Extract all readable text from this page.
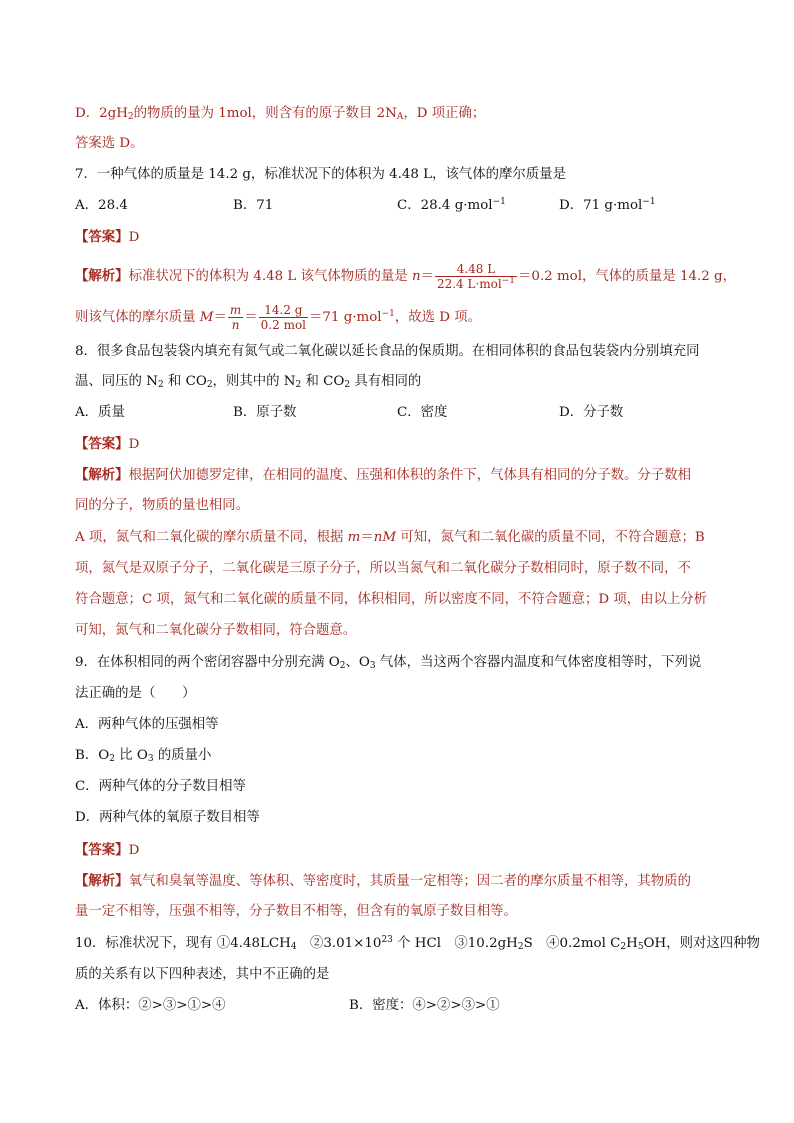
D．$2gH_2$的物质的量为 1mol，则含有的原子数目 $2N_A$，D 项正确；
答案选 D。
7．一种气体的质量是 14.2 g，标准状况下的体积为 4.48 L，该气体的摩尔质量是
A．28.4	B．71	C．28.4 g·mol$^{-1}$	D．71 g·mol$^{-1}$
【答案】D
【解析】标准状况下的体积为 4.48 L 该气体物质的量是 $n= \frac{4.48 L}{22.4 L\cdot mol^{-1}} =0.2$ mol，气体的质量是 14.2 g，
则该气体的摩尔质量 $M= \frac{m}{n} = \frac{14.2 g}{\text{0.2 mol}} =71$ g·mol$^{-1}$，故选 D 项。
8．很多食品包装袋内填充有氮气或二氧化碳以延长食品的保质期。在相同体积的食品包装袋内分别填充同
温、同压的 $N_2$ 和 $CO_2$，则其中的 $N_2$ 和 $CO_2$ 具有相同的
A．质量	B．原子数	C．密度	D．分子数
【答案】D
【解析】根据阿伏加德罗定律，在相同的温度、压强和体积的条件下，气体具有相同的分子数。分子数相
同的分子，物质的量也相同。
A 项，氮气和二氧化碳的摩尔质量不同，根据 m＝nM 可知，氮气和二氧化碳的质量不同，不符合题意；B
项，氮气是双原子分子，二氧化碳是三原子分子，所以当氮气和二氧化碳分子数相同时，原子数不同，不
符合题意；C 项，氮气和二氧化碳的质量不同，体积相同，所以密度不同，不符合题意；D 项，由以上分析
可知，氮气和二氧化碳分子数相同，符合题意。
9．在体积相同的两个密闭容器中分别充满 $O_2$、$O_3$ 气体，当这两个容器内温度和气体密度相等时，下列说
法正确的是（　　）
A．两种气体的压强相等
B．$O_2$ 比 $O_3$ 的质量小
C．两种气体的分子数目相等
D．两种气体的氧原子数目相等
【答案】D
【解析】氧气和臭氧等温度、等体积、等密度时，其质量一定相等；因二者的摩尔质量不相等，其物质的
量一定不相等，压强不相等，分子数目不相等，但含有的氧原子数目相等。
10．标准状况下，现有 $①4.48LCH_4$　$②3.01\times 10^{23}$ 个 HCl　$③10.2gH_2S$　④0.2mol $C_2H_5OH$，则对这四种物
质的关系有以下四种表述，其中不正确的是
A．体积：②>③>①>④	B．密度：④>②>③>①
